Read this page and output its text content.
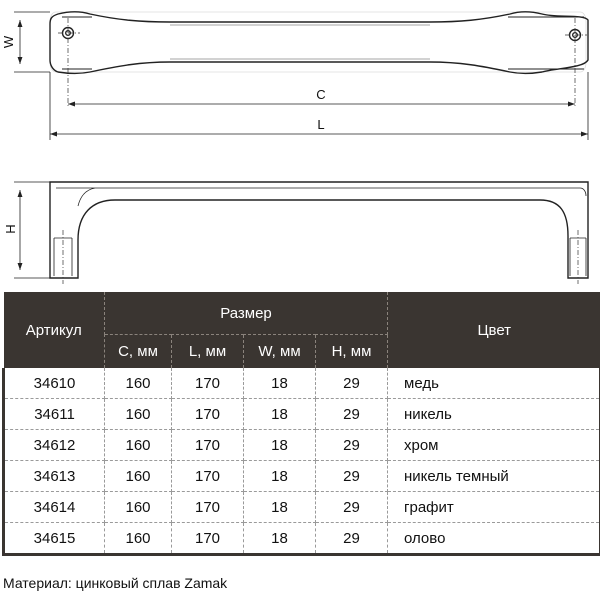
W
C
L
H
Артикул	Размер				Цвет
	C, мм	L, мм	W, мм	H, мм	
34610	160	170	18	29	медь
34611	160	170	18	29	никель
34612	160	170	18	29	хром
34613	160	170	18	29	никель темный
34614	160	170	18	29	графит
34615	160	170	18	29	олово
Материал: цинковый сплав Zamak
